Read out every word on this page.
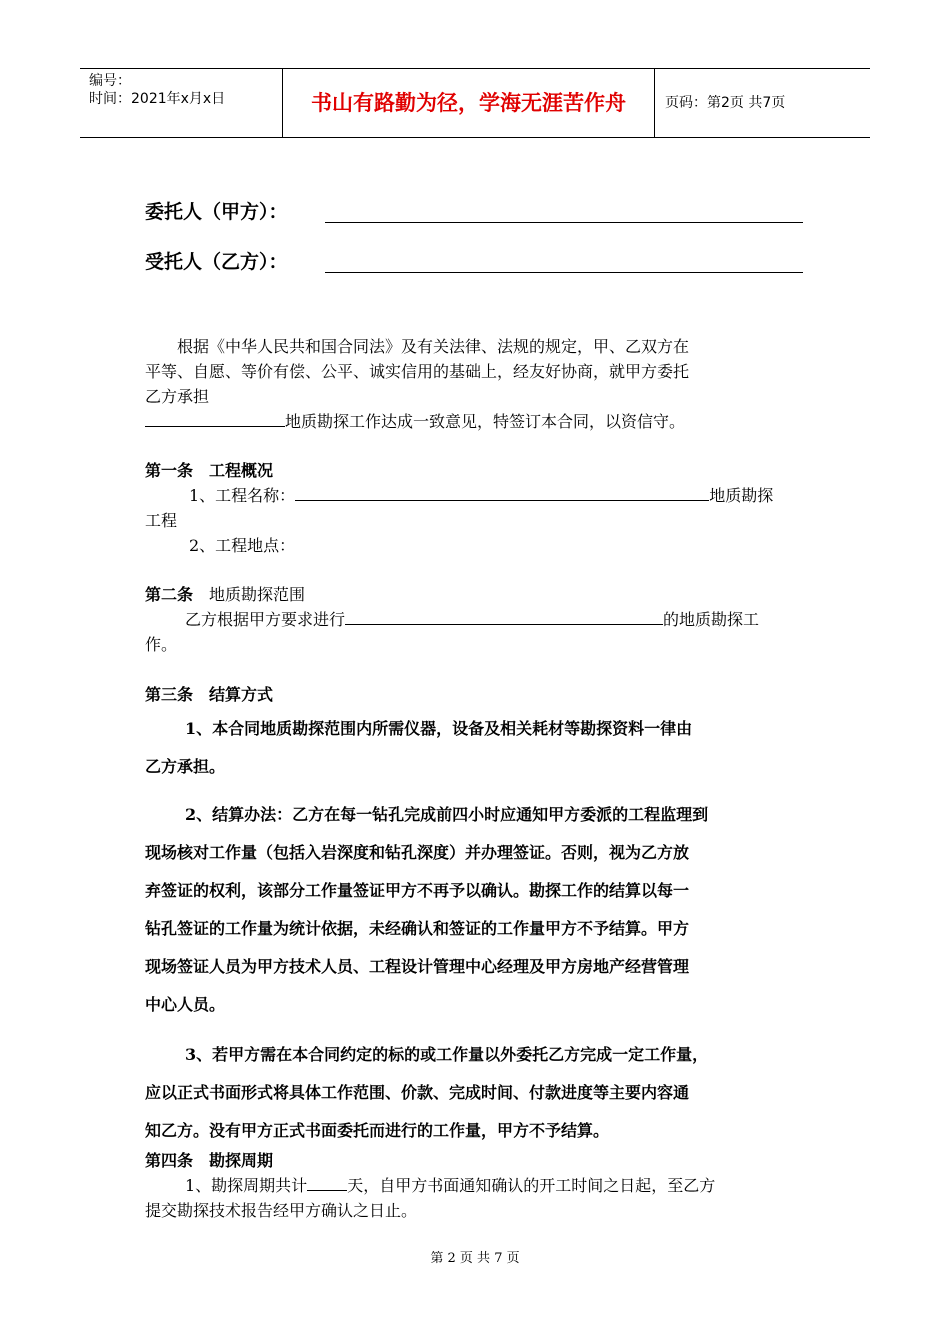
编号：
时间：2021年x月x日	书山有路勤为径，学海无涯苦作舟	页码：第2页 共7页
委托人（甲方）：
受托人（乙方）：
根据《中华人民共和国合同法》及有关法律、法规的规定，甲、乙双方在
平等、自愿、等价有偿、公平、诚实信用的基础上，经友好协商，就甲方委托
乙方承担
地质勘探工作达成一致意见，特签订本合同，以资信守。
第一条　工程概况
1、工程名称：	地质勘探
工程
2、工程地点：
第二条　地质勘探范围
乙方根据甲方要求进行	的地质勘探工
作。
第三条　结算方式
1、本合同地质勘探范围内所需仪器，设备及相关耗材等勘探资料一律由
乙方承担。
2、结算办法：乙方在每一钻孔完成前四小时应通知甲方委派的工程监理到
现场核对工作量（包括入岩深度和钻孔深度）并办理签证。否则，视为乙方放
弃签证的权利，该部分工作量签证甲方不再予以确认。勘探工作的结算以每一
钻孔签证的工作量为统计依据，未经确认和签证的工作量甲方不予结算。甲方
现场签证人员为甲方技术人员、工程设计管理中心经理及甲方房地产经营管理
中心人员。
3、若甲方需在本合同约定的标的或工作量以外委托乙方完成一定工作量，
应以正式书面形式将具体工作范围、价款、完成时间、付款进度等主要内容通
知乙方。没有甲方正式书面委托而进行的工作量，甲方不予结算。
第四条　勘探周期
1、勘探周期共计	天，自甲方书面通知确认的开工时间之日起，至乙方
提交勘探技术报告经甲方确认之日止。
第 2 页 共 7 页
